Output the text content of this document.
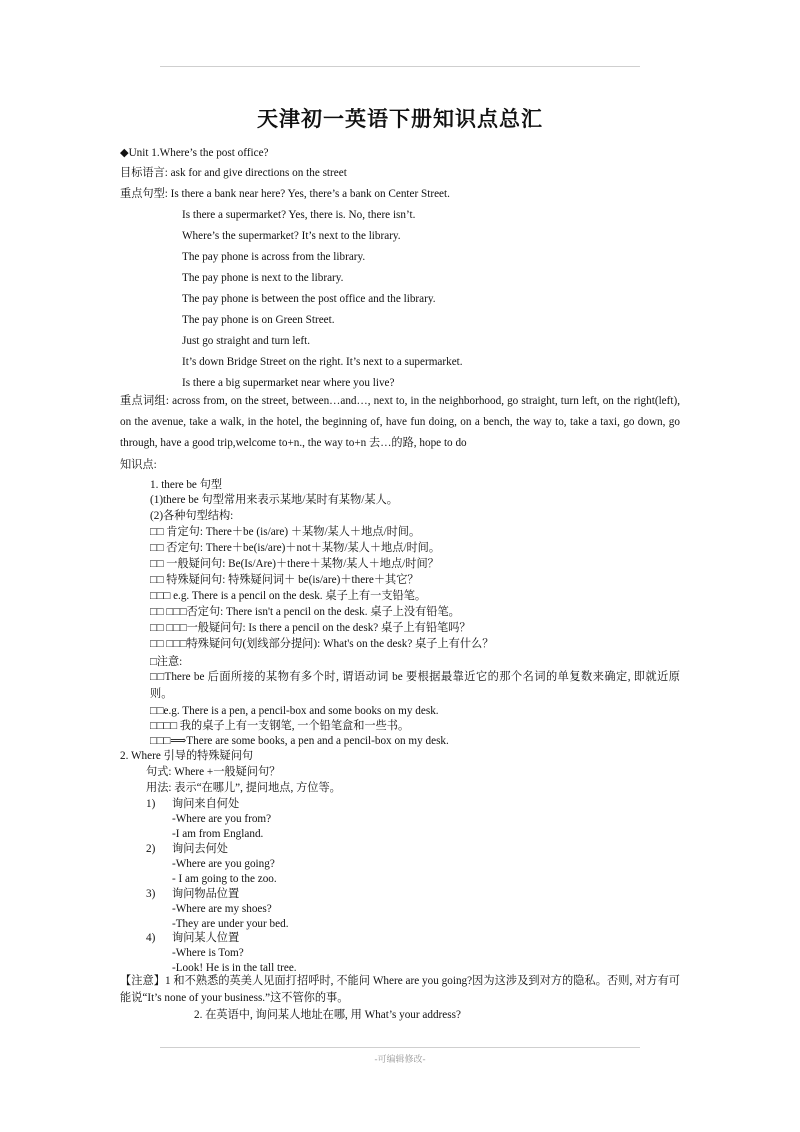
天津初一英语下册知识点总汇
◆Unit 1.Where’s the post office?
目标语言: ask for and give directions on the street
重点句型: Is there a bank near here? Yes, there’s a bank on Center Street.
Is there a supermarket? Yes, there is. No, there isn’t.
Where’s the supermarket? It’s next to the library.
The pay phone is across from the library.
The pay phone is next to the library.
The pay phone is between the post office and the library.
The pay phone is on Green Street.
Just go straight and turn left.
It’s down Bridge Street on the right. It’s next to a supermarket.
Is there a big supermarket near where you live?
重点词组: across from, on the street, between…and…, next to, in the neighborhood, go straight, turn left, on the right(left), on the avenue, take a walk, in the hotel, the beginning of, have fun doing, on a bench, the way to, take a taxi, go down, go through, have a good trip,welcome to+n., the way to+n 去…的路, hope to do
知识点:
1. there be 句型
(1)there be 句型常用来表示某地/某时有某物/某人。
(2)各种句型结构:
□□ 肯定句: There＋be (is/are) ＋某物/某人＋地点/时间。
□□ 否定句: There＋be(is/are)＋not＋某物/某人＋地点/时间。
□□ 一般疑问句: Be(Is/Are)＋there＋某物/某人＋地点/时间？
□□ 特殊疑问句: 特殊疑问词＋ be(is/are)＋there＋其它？
□□□ e.g. There is a pencil on the desk. 桌子上有一支铅笔。
□□ □□□否定句: There isn't a pencil on the desk. 桌子上没有铅笔。
□□ □□□一般疑问句: Is there a pencil on the desk? 桌子上有铅笔吗？
□□ □□□特殊疑问句(划线部分提问): What's on the desk? 桌子上有什么？
□注意:
□□There be 后面所接的某物有多个时, 谓语动词 be 要根据最靠近它的那个名词的单复数来确定, 即就近原则。
□□e.g. There is a pen, a pencil-box and some books on my desk.
□□□□ 我的桌子上有一支钢笔, 一个铅笔盒和一些书。
□□□⟹There are some books, a pen and a pencil-box on my desk.
2. Where 引导的特殊疑问句
句式: Where +一般疑问句？
用法: 表示“在哪儿”, 提问地点, 方位等。
1) 询问来自何处
-Where are you from?
-I am from England.
2) 询问去何处
-Where are you going?
- I am going to the zoo.
3) 询问物品位置
-Where are my shoes?
-They are under your bed.
4) 询问某人位置
-Where is Tom?
-Look! He is in the tall tree.
【注意】1 和不熟悉的英美人见面打招呼时, 不能问 Where are you going?因为这涉及到对方的隐私。否则, 对方有可能说“It’s none of your business.”这不管你的事。
2. 在英语中, 询问某人地址在哪, 用 What’s your address?
-可编辑修改-
